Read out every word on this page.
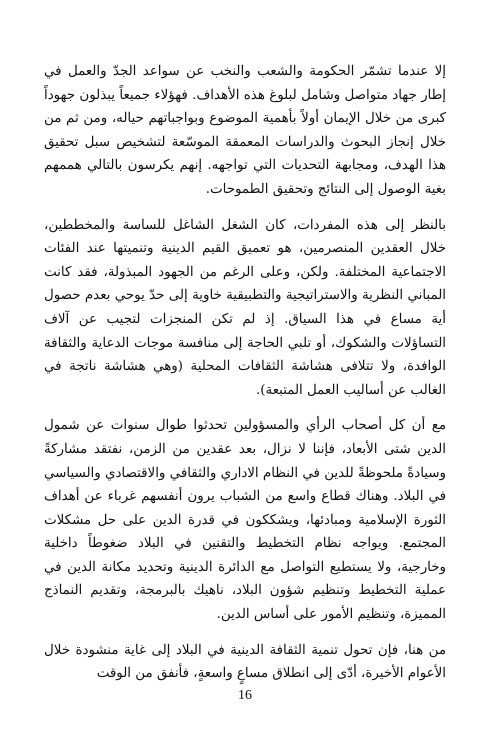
إلا عندما تشمّر الحكومة والشعب والنخب عن سواعد الجدّ والعمل في إطار جهاد متواصل وشامل لبلوغ هذه الأهداف. فهؤلاء جميعاً يبذلون جهوداً كبرى من خلال الإيمان أولاً بأهمية الموضوع وبواجباتهم حياله، ومن ثم من خلال إنجاز البحوث والدراسات المعمقة الموسّعة لتشخيص سبل تحقيق هذا الهدف، ومجابهة التحديات التي تواجهه. إنهم يكرسون بالتالي هممهم بغية الوصول إلى النتائج وتحقيق الطموحات.

بالنظر إلى هذه المفردات، كان الشغل الشاغل للساسة والمخططين، خلال العقدين المنصرمين، هو تعميق القيم الدينية وتنميتها عند الفئات الاجتماعية المختلفة. ولكن، وعلى الرغم من الجهود المبذولة، فقد كانت المباني النظرية والاستراتيجية والتطبيقية خاوية إلى حدّ يوحي بعدم حصول أية مساع في هذا السياق. إذ لم تكن المنجزات لتجيب عن آلاف التساؤلات والشكوك، أو تلبي الحاجة إلى منافسة موجات الدعاية والثقافة الوافدة، ولا تتلافى هشاشة الثقافات المحلية (وهي هشاشة ناتجة في الغالب عن أساليب العمل المتبعة).

مع أن كل أصحاب الرأي والمسؤولين تحدثوا طوال سنوات عن شمول الدين شتى الأبعاد، فإننا لا نزال، بعد عقدين من الزمن، نفتقد مشاركةً وسيادةً ملحوظةً للدين في النظام الاداري والثقافي والاقتصادي والسياسي في البلاد. وهناك قطاع واسع من الشباب يرون أنفسهم غرباء عن أهداف الثورة الإسلامية ومبادئها، ويشككون في قدرة الدين على حل مشكلات المجتمع. ويواجه نظام التخطيط والتقنين في البلاد ضغوطاً داخلية وخارجية، ولا يستطيع التواصل مع الدائرة الدينية وتحديد مكانة الدين في عملية التخطيط وتنظيم شؤون البلاد، ناهيك بالبرمجة، وتقديم النماذج المميزة، وتنظيم الأمور على أساس الدين.

من هنا، فإن تحول تنمية الثقافة الدينية في البلاد إلى غاية منشودة خلال الأعوام الأخيرة، أدّى إلى انطلاق مساعٍ واسعةٍ، فأنفق من الوقت

16
